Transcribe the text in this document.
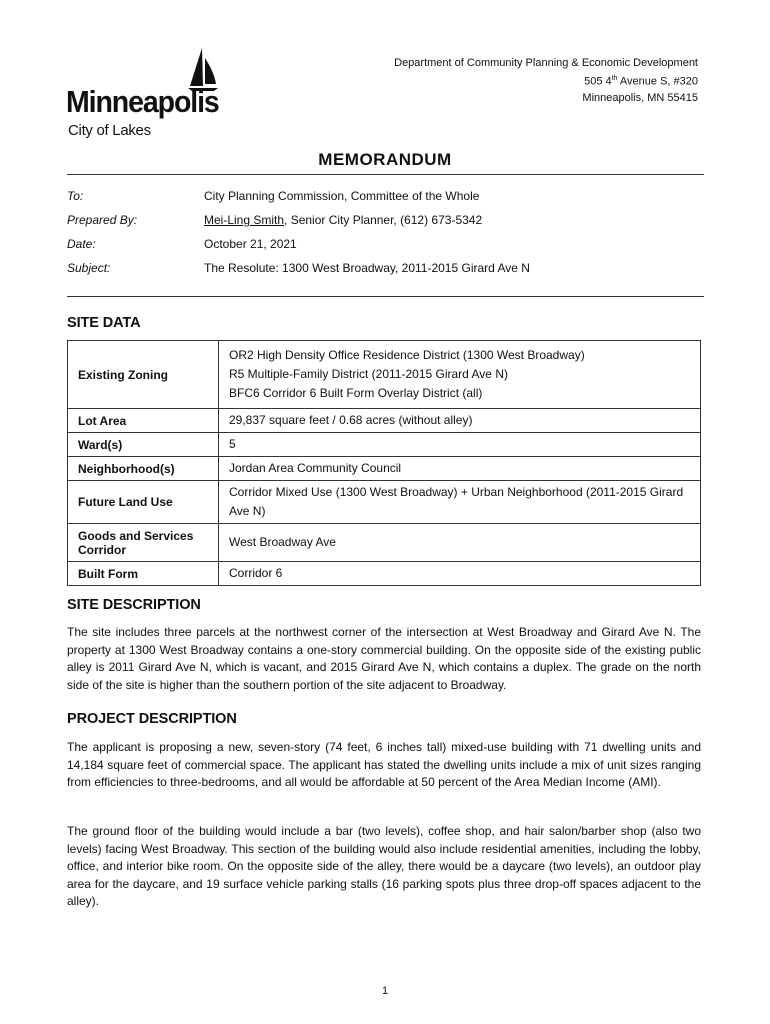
Minneapolis
City of Lakes
Department of Community Planning & Economic Development
505 4th Avenue S, #320
Minneapolis, MN 55415
MEMORANDUM
To:	City Planning Commission, Committee of the Whole
Prepared By:	Mei-Ling Smith, Senior City Planner, (612) 673-5342
Date:	October 21, 2021
Subject:	The Resolute: 1300 West Broadway, 2011-2015 Girard Ave N
SITE DATA
Existing Zoning	OR2 High Density Office Residence District (1300 West Broadway)
R5 Multiple-Family District (2011-2015 Girard Ave N)
BFC6 Corridor 6 Built Form Overlay District (all)

Lot Area	29,837 square feet / 0.68 acres (without alley)

Ward(s)	5

Neighborhood(s)	Jordan Area Community Council

Future Land Use	Corridor Mixed Use (1300 West Broadway) + Urban Neighborhood (2011-2015 Girard Ave N)

Goods and Services Corridor	West Broadway Ave

Built Form	Corridor 6
SITE DESCRIPTION

The site includes three parcels at the northwest corner of the intersection at West Broadway and Girard Ave N. The property at 1300 West Broadway contains a one-story commercial building. On the opposite side of the existing public alley is 2011 Girard Ave N, which is vacant, and 2015 Girard Ave N, which contains a duplex. The grade on the north side of the site is higher than the southern portion of the site adjacent to Broadway.

PROJECT DESCRIPTION

The applicant is proposing a new, seven-story (74 feet, 6 inches tall) mixed-use building with 71 dwelling units and 14,184 square feet of commercial space. The applicant has stated the dwelling units include a mix of unit sizes ranging from efficiencies to three-bedrooms, and all would be affordable at 50 percent of the Area Median Income (AMI).

The ground floor of the building would include a bar (two levels), coffee shop, and hair salon/barber shop (also two levels) facing West Broadway. This section of the building would also include residential amenities, including the lobby, office, and interior bike room. On the opposite side of the alley, there would be a daycare (two levels), an outdoor play area for the daycare, and 19 surface vehicle parking stalls (16 parking spots plus three drop-off spaces adjacent to the alley).

1
